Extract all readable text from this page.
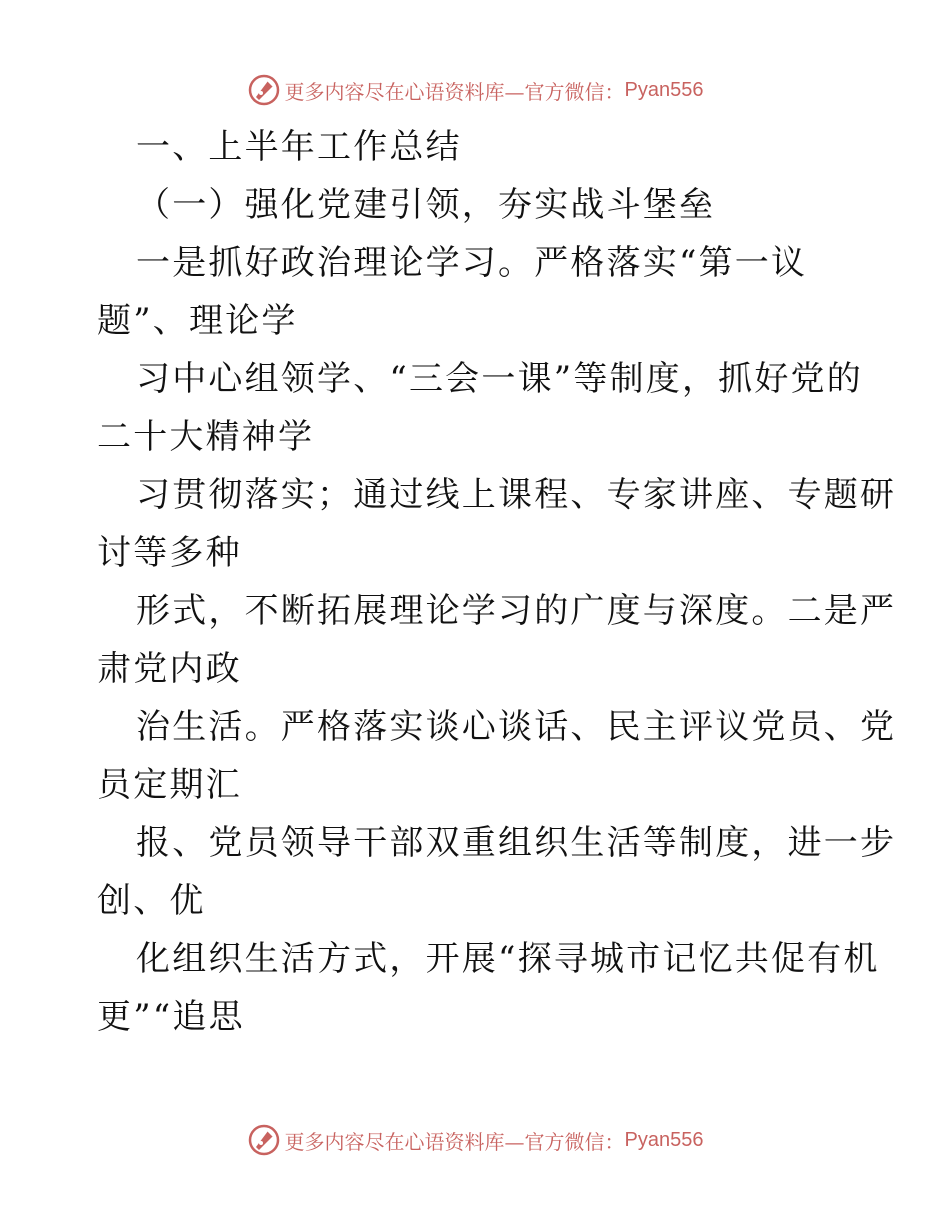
更多内容尽在心语资料库—官方微信： Pyan556
一、上半年工作总结
（一）强化党建引领，夯实战斗堡垒
一是抓好政治理论学习。严格落实“第一议
题”、理论学
习中心组领学、“三会一课”等制度，抓好党的
二十大精神学
习贯彻落实；通过线上课程、专家讲座、专题研
讨等多种
形式，不断拓展理论学习的广度与深度。二是严
肃党内政
治生活。严格落实谈心谈话、民主评议党员、党
员定期汇
报、党员领导干部双重组织生活等制度，进一步
创、优
化组织生活方式，开展“探寻城市记忆共促有机
更”“追思
更多内容尽在心语资料库—官方微信： Pyan556
